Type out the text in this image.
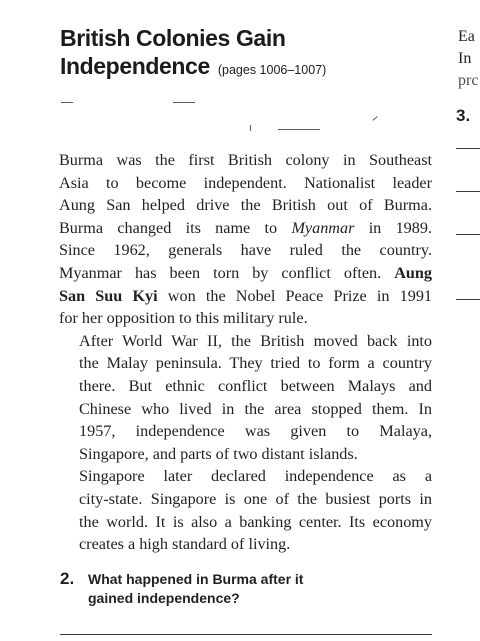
British Colonies Gain
Independence (pages 1006–1007)

Burma was the first British colony in Southeast
Asia to become independent. Nationalist leader
Aung San helped drive the British out of Burma.
Burma changed its name to Myanmar in 1989.
Since 1962, generals have ruled the country.
Myanmar has been torn by conflict often. Aung
San Suu Kyi won the Nobel Peace Prize in 1991
for her opposition to this military rule.

After World War II, the British moved back into
the Malay peninsula. They tried to form a country
there. But ethnic conflict between Malays and
Chinese who lived in the area stopped them. In
1957, independence was given to Malaya,
Singapore, and parts of two distant islands.

Singapore later declared independence as a
city-state. Singapore is one of the busiest ports in
the world. It is also a banking center. Its economy
creates a high standard of living.

2. What happened in Burma after it
gained independence?
Ea
In
prc
3.
